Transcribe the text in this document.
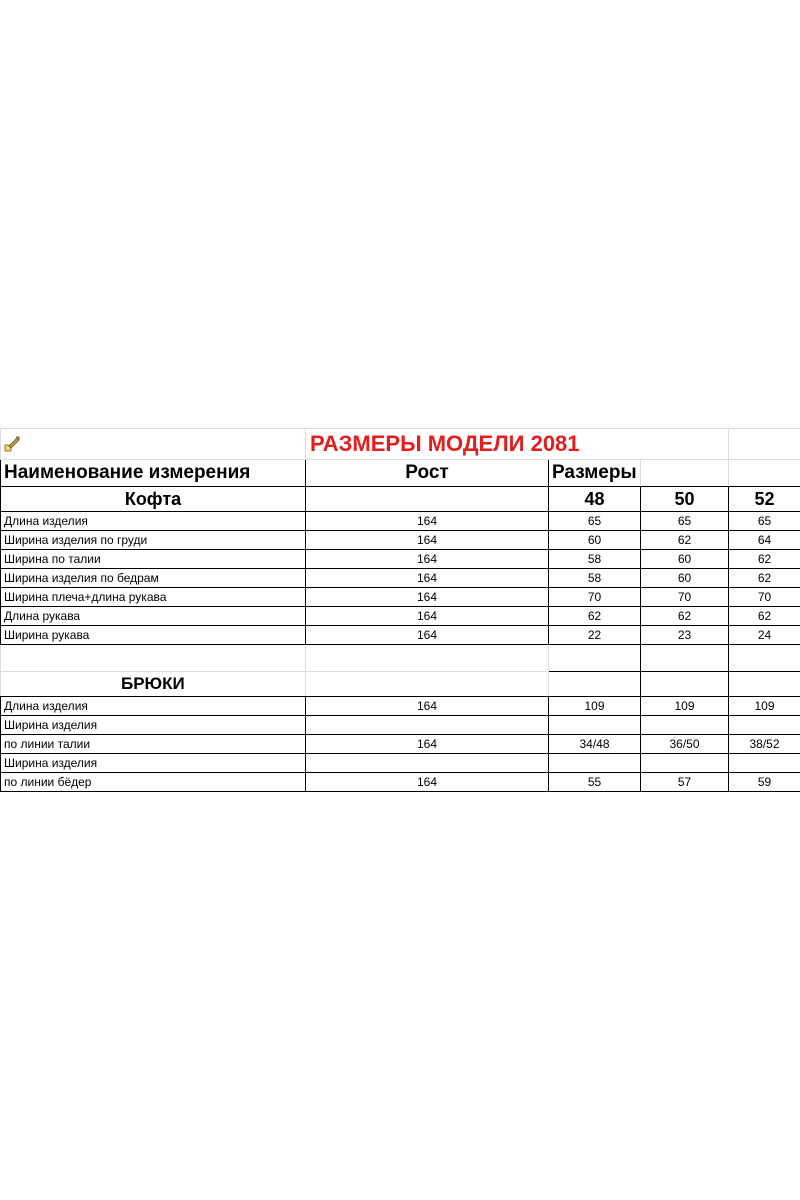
	РАЗМЕРЫ МОДЕЛИ 2081			
Наименование измерения	Рост	Размеры		
Кофта		48	50	52
Длина изделия	164	65	65	65
Ширина изделия по груди	164	60	62	64
Ширина по талии	164	58	60	62
Ширина изделия по бедрам	164	58	60	62
Ширина плеча+длина рукава	164	70	70	70
Длина рукава	164	62	62	62
Ширина рукава	164	22	23	24

БРЮКИ				
Длина изделия	164	109	109	109
Ширина изделия				
по линии талии	164	34/48	36/50	38/52
Ширина изделия				
по линии бёдер	164	55	57	59
